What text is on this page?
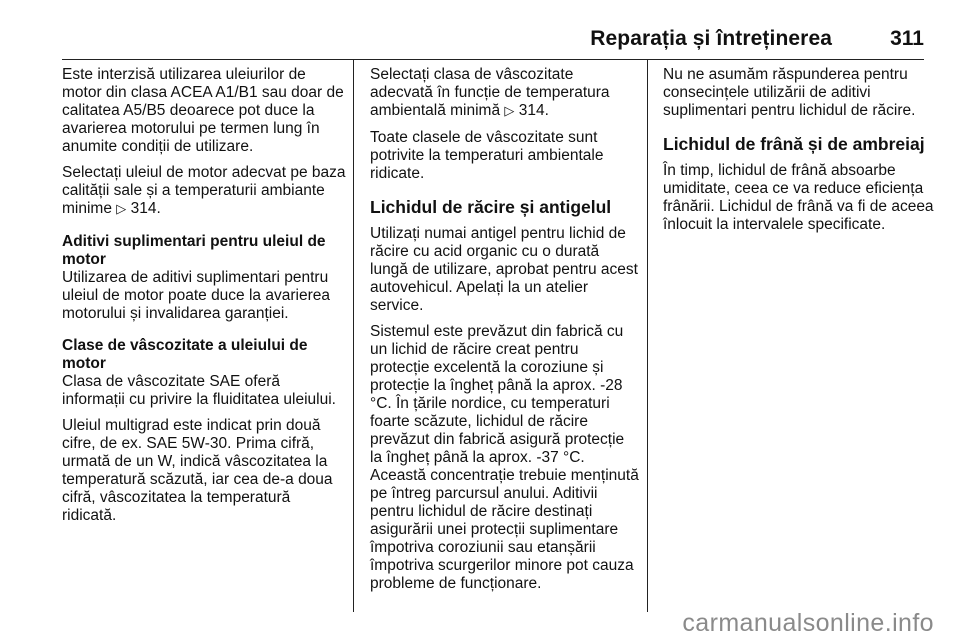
Reparația și întreținerea	311

Este interzisă utilizarea uleiurilor de motor din clasa ACEA A1/B1 sau doar de calitatea A5/B5 deoarece pot duce la avarierea motorului pe termen lung în anumite condiții de utilizare.

Selectați uleiul de motor adecvat pe baza calității sale și a temperaturii ambiante minime ▷ 314.

Aditivi suplimentari pentru uleiul de motor

Utilizarea de aditivi suplimentari pentru uleiul de motor poate duce la avarierea motorului și invalidarea garanției.

Clase de vâscozitate a uleiului de motor

Clasa de vâscozitate SAE oferă informații cu privire la fluiditatea uleiului.

Uleiul multigrad este indicat prin două cifre, de ex. SAE 5W-30. Prima cifră, urmată de un W, indică vâscozitatea la temperatură scăzută, iar cea de-a doua cifră, vâscozitatea la temperatură ridicată.

Selectați clasa de vâscozitate adecvată în funcție de temperatura ambientală minimă ▷ 314.

Toate clasele de vâscozitate sunt potrivite la temperaturi ambientale ridicate.

Lichidul de răcire și antigelul

Utilizați numai antigel pentru lichid de răcire cu acid organic cu o durată lungă de utilizare, aprobat pentru acest autovehicul. Apelați la un atelier service.

Sistemul este prevăzut din fabrică cu un lichid de răcire creat pentru protecție excelentă la coroziune și protecție la îngheț până la aprox. -28 °C. În țările nordice, cu temperaturi foarte scăzute, lichidul de răcire prevăzut din fabrică asigură protecție la îngheț până la aprox. -37 °C. Această concentrație trebuie menținută pe întreg parcursul anului. Aditivii pentru lichidul de răcire destinați asigurării unei protecții suplimentare împotriva coroziunii sau etanșării împotriva scurgerilor minore pot cauza probleme de funcționare.

Nu ne asumăm răspunderea pentru consecințele utilizării de aditivi suplimentari pentru lichidul de răcire.

Lichidul de frână și de ambreiaj

În timp, lichidul de frână absoarbe umiditate, ceea ce va reduce eficiența frânării. Lichidul de frână va fi de aceea înlocuit la intervalele specificate.

carmanualsonline.info
